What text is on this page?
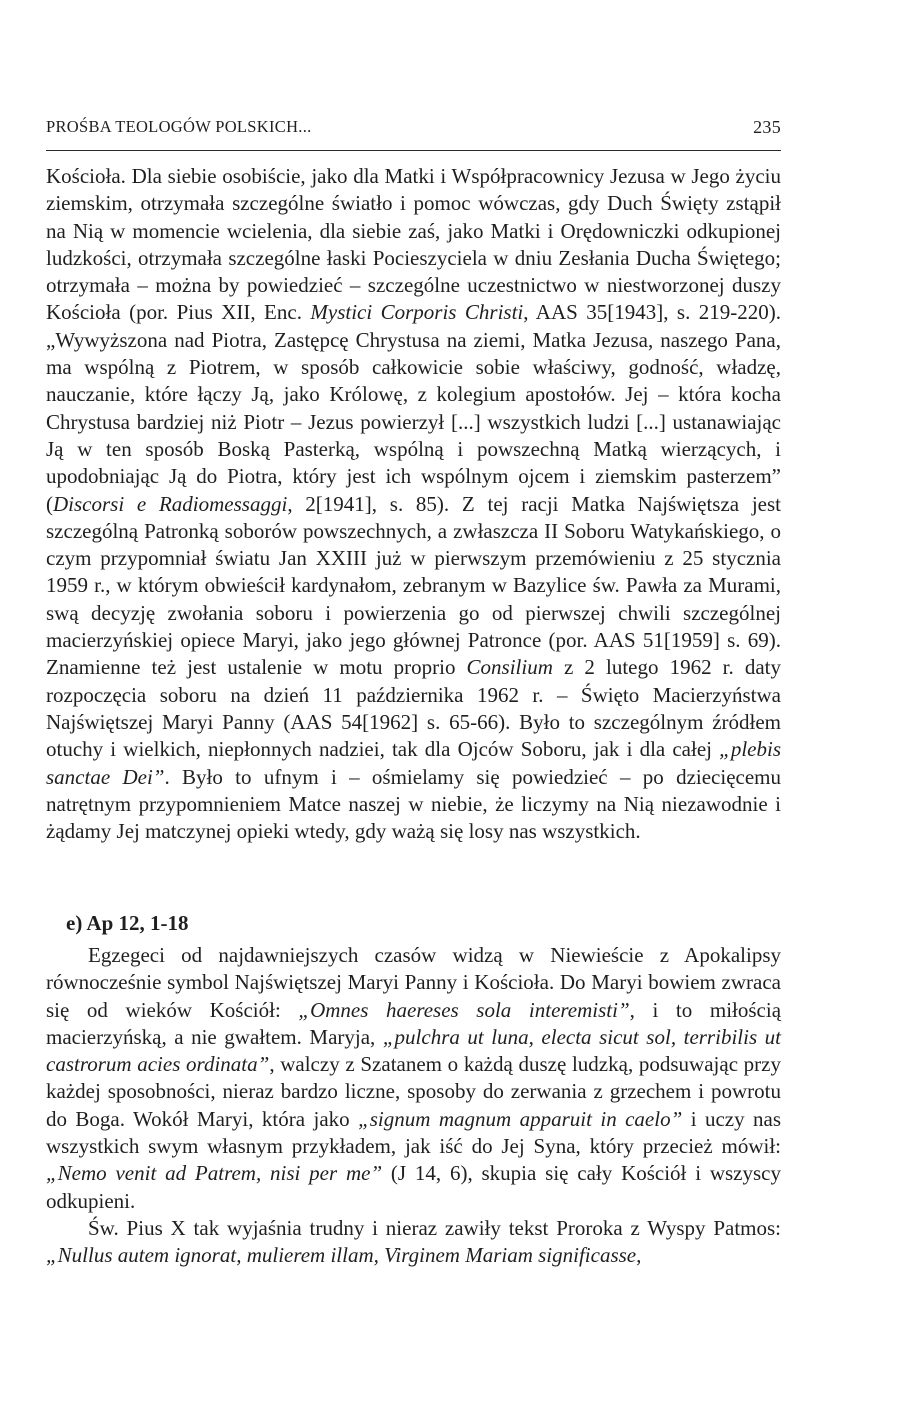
PROŚBA TEOLOGÓW POLSKICH...	235

Kościoła. Dla siebie osobiście, jako dla Matki i Współpracownicy Jezusa w Jego życiu ziemskim, otrzymała szczególne światło i pomoc wówczas, gdy Duch Święty zstąpił na Nią w momencie wcielenia, dla siebie zaś, jako Matki i Orędowniczki odkupionej ludzkości, otrzymała szczególne łaski Pocieszyciela w dniu Zesłania Ducha Świętego; otrzymała – można by powiedzieć – szczególne uczestnictwo w niestworzonej duszy Kościoła (por. Pius XII, Enc. Mystici Corporis Christi, AAS 35[1943], s. 219-220). „Wywyższona nad Piotra, Zastępcę Chrystusa na ziemi, Matka Jezusa, naszego Pana, ma wspólną z Piotrem, w sposób całkowicie sobie właściwy, godność, władzę, nauczanie, które łączy Ją, jako Królowę, z kolegium apostołów. Jej – która kocha Chrystusa bardziej niż Piotr – Jezus powierzył [...] wszystkich ludzi [...] ustanawiając Ją w ten sposób Boską Pasterką, wspólną i powszechną Matką wierzących, i upodobniając Ją do Piotra, który jest ich wspólnym ojcem i ziemskim pasterzem” (Discorsi e Radiomessaggi, 2[1941], s. 85). Z tej racji Matka Najświętsza jest szczególną Patronką soborów powszechnych, a zwłaszcza II Soboru Watykańskiego, o czym przypomniał światu Jan XXIII już w pierwszym przemówieniu z 25 stycznia 1959 r., w którym obwieścił kardynałom, zebranym w Bazylice św. Pawła za Murami, swą decyzję zwołania soboru i powierzenia go od pierwszej chwili szczególnej macierzyńskiej opiece Maryi, jako jego głównej Patronce (por. AAS 51[1959] s. 69). Znamienne też jest ustalenie w motu proprio Consilium z 2 lutego 1962 r. daty rozpoczęcia soboru na dzień 11 października 1962 r. – Święto Macierzyństwa Najświętszej Maryi Panny (AAS 54[1962] s. 65-66). Było to szczególnym źródłem otuchy i wielkich, niepłonnych nadziei, tak dla Ojców Soboru, jak i dla całej „plebis sanctae Dei”. Było to ufnym i – ośmielamy się powiedzieć – po dziecięcemu natrętnym przypomnieniem Matce naszej w niebie, że liczymy na Nią niezawodnie i żądamy Jej matczynej opieki wtedy, gdy ważą się losy nas wszystkich.

e) Ap 12, 1-18

Egzegeci od najdawniejszych czasów widzą w Niewieście z Apokalipsy równocześnie symbol Najświętszej Maryi Panny i Kościoła. Do Maryi bowiem zwraca się od wieków Kościół: „Omnes haereses sola interemisti”, i to miłością macierzyńską, a nie gwałtem. Maryja, „pulchra ut luna, electa sicut sol, terribilis ut castrorum acies ordinata”, walczy z Szatanem o każdą duszę ludzką, podsuwając przy każdej sposobności, nieraz bardzo liczne, sposoby do zerwania z grzechem i powrotu do Boga. Wokół Maryi, która jako „signum magnum apparuit in caelo” i uczy nas wszystkich swym własnym przykładem, jak iść do Jej Syna, który przecież mówił: „Nemo venit ad Patrem, nisi per me” (J 14, 6), skupia się cały Kościół i wszyscy odkupieni.

Św. Pius X tak wyjaśnia trudny i nieraz zawiły tekst Proroka z Wyspy Patmos: „Nullus autem ignorat, mulierem illam, Virginem Mariam significasse,
